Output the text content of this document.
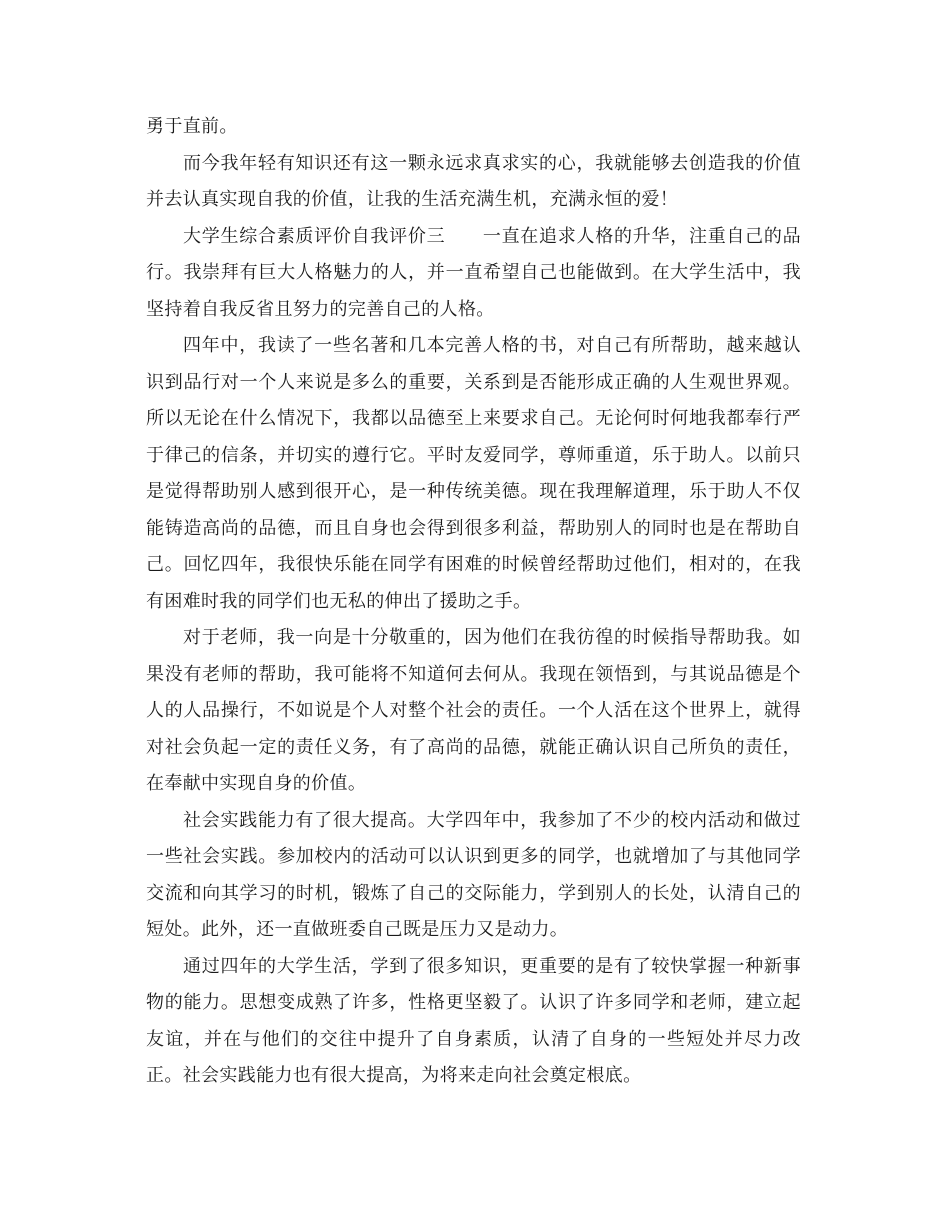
勇于直前。

而今我年轻有知识还有这一颗永远求真求实的心，我就能够去创造我的价值并去认真实现自我的价值，让我的生活充满生机，充满永恒的爱！

大学生综合素质评价自我评价三　　一直在追求人格的升华，注重自己的品行。我崇拜有巨大人格魅力的人，并一直希望自己也能做到。在大学生活中，我坚持着自我反省且努力的完善自己的人格。

四年中，我读了一些名著和几本完善人格的书，对自己有所帮助，越来越认识到品行对一个人来说是多么的重要，关系到是否能形成正确的人生观世界观。所以无论在什么情况下，我都以品德至上来要求自己。无论何时何地我都奉行严于律己的信条，并切实的遵行它。平时友爱同学，尊师重道，乐于助人。以前只是觉得帮助别人感到很开心，是一种传统美德。现在我理解道理，乐于助人不仅能铸造高尚的品德，而且自身也会得到很多利益，帮助别人的同时也是在帮助自己。回忆四年，我很快乐能在同学有困难的时候曾经帮助过他们，相对的，在我有困难时我的同学们也无私的伸出了援助之手。

对于老师，我一向是十分敬重的，因为他们在我彷徨的时候指导帮助我。如果没有老师的帮助，我可能将不知道何去何从。我现在领悟到，与其说品德是个人的人品操行，不如说是个人对整个社会的责任。一个人活在这个世界上，就得对社会负起一定的责任义务，有了高尚的品德，就能正确认识自己所负的责任，在奉献中实现自身的价值。

社会实践能力有了很大提高。大学四年中，我参加了不少的校内活动和做过一些社会实践。参加校内的活动可以认识到更多的同学，也就增加了与其他同学交流和向其学习的时机，锻炼了自己的交际能力，学到别人的长处，认清自己的短处。此外，还一直做班委自己既是压力又是动力。

通过四年的大学生活，学到了很多知识，更重要的是有了较快掌握一种新事物的能力。思想变成熟了许多，性格更坚毅了。认识了许多同学和老师，建立起友谊，并在与他们的交往中提升了自身素质，认清了自身的一些短处并尽力改正。社会实践能力也有很大提高，为将来走向社会奠定根底。
